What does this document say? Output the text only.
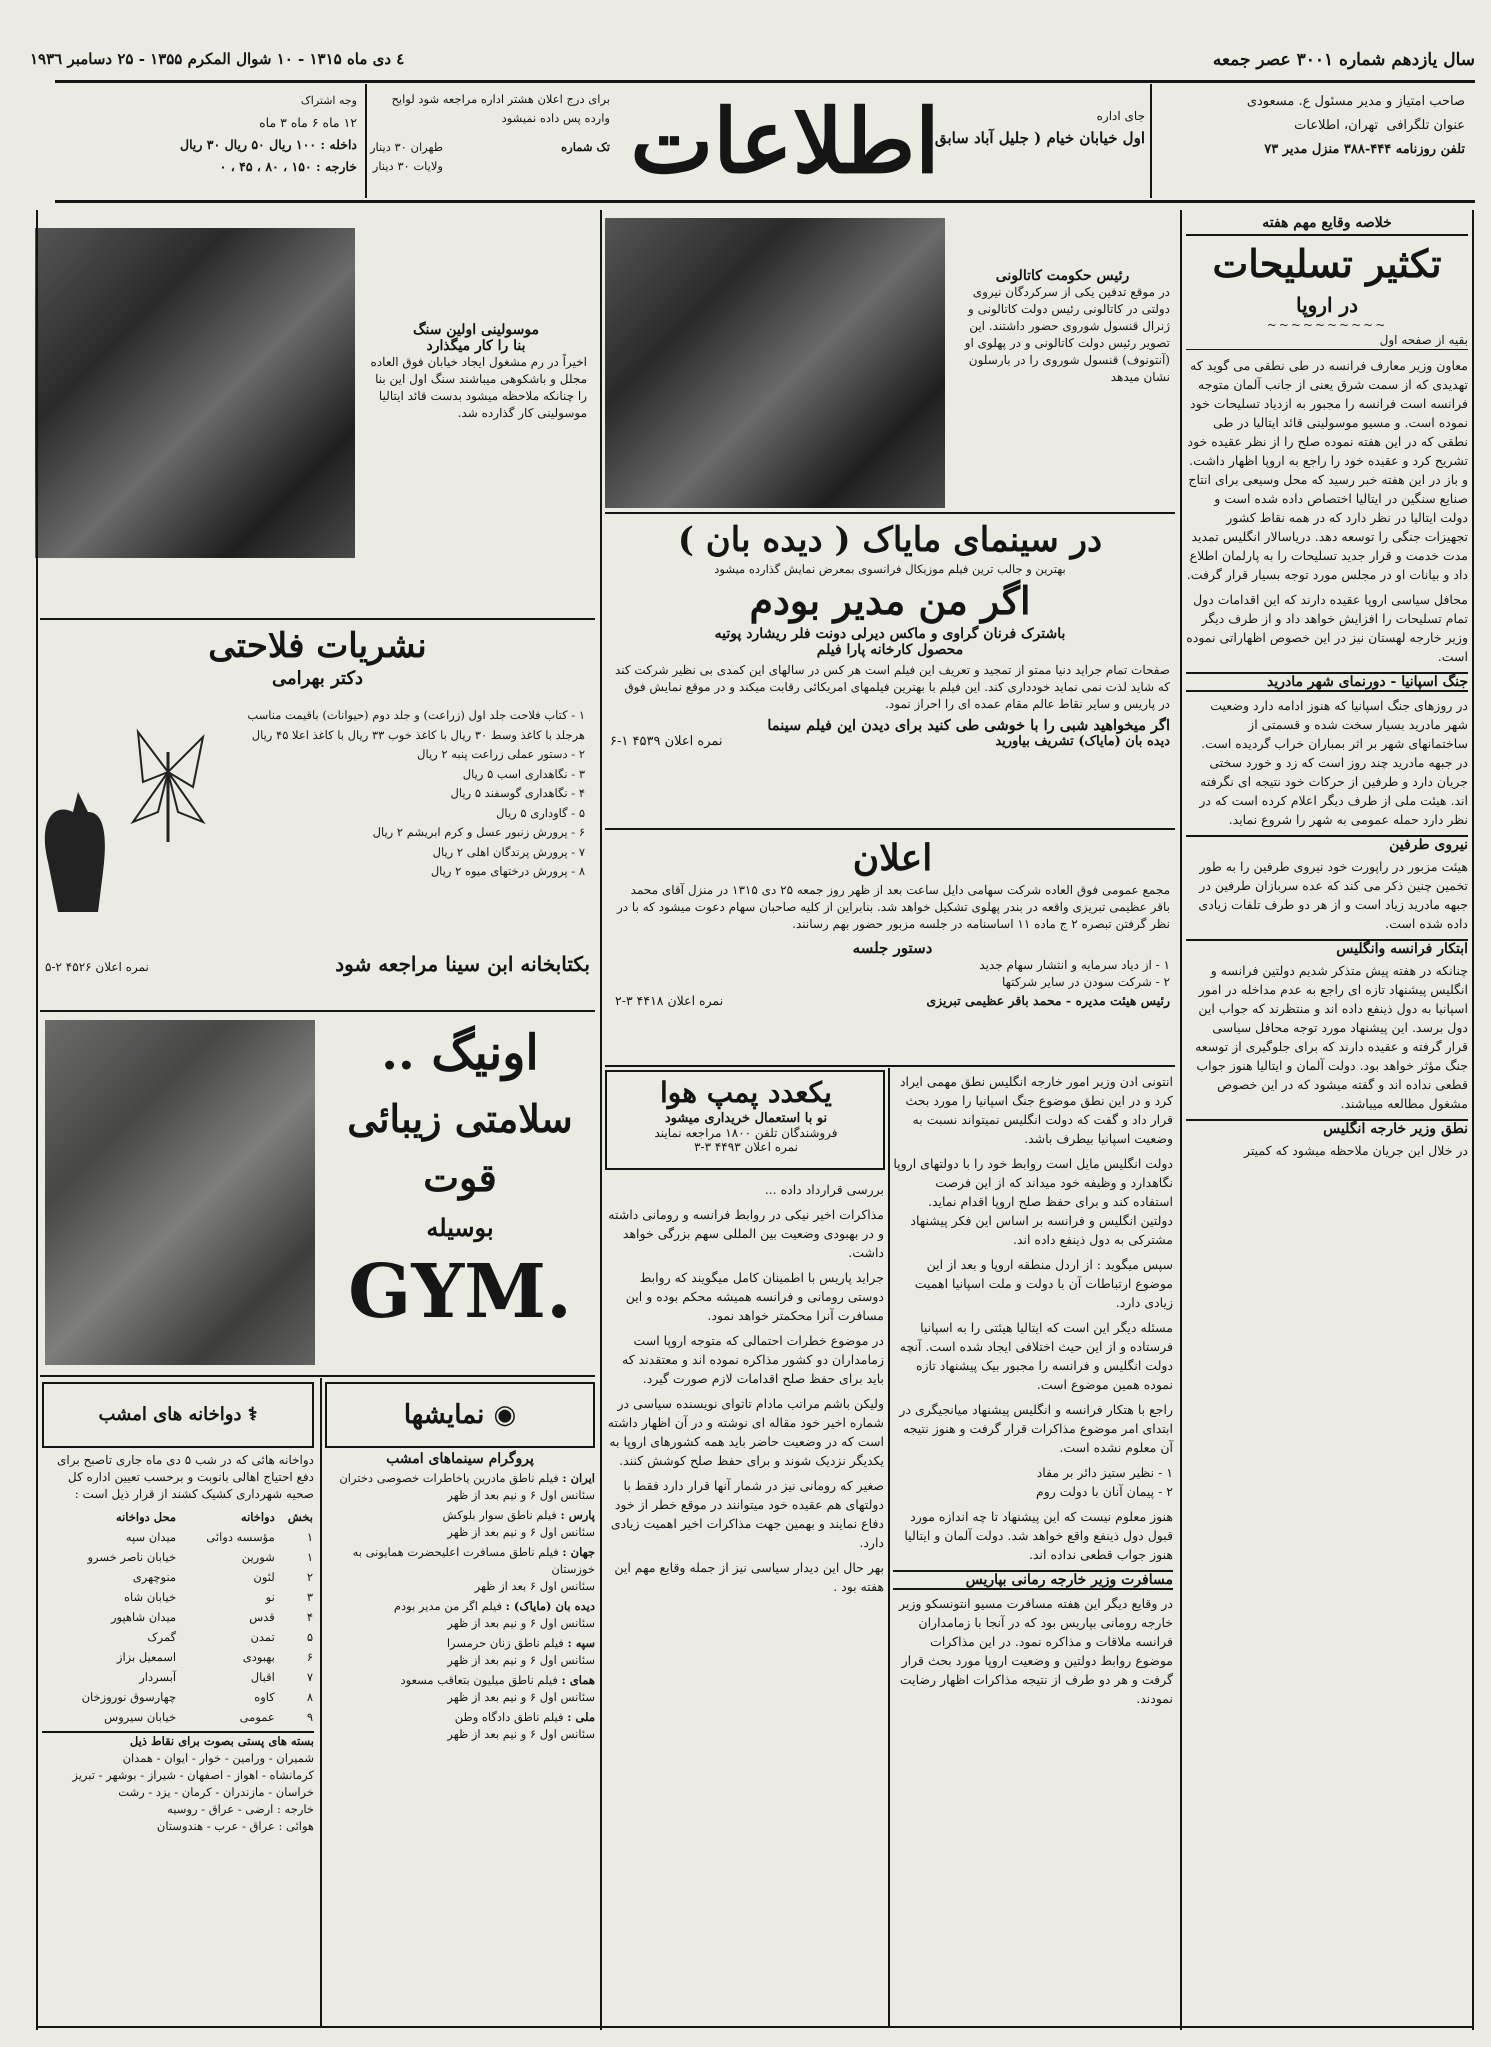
سال یازدهم شماره ۳۰۰۱ عصر جمعه
٤ دی ماه ۱۳۱۵ - ۱۰ شوال المکرم ۱۳۵۵ - ۲۵ دسامبر ۱۹۳٦
صاحب امتیاز و مدیر مسئول ع. مسعودی
عنوان تلگرافی  تهران، اطلاعات
تلفن روزنامه ۴۴۴-۳۸۸ منزل مدیر ۷۳
اطلاعات	جای اداره
اول خیابان خیام ( جلیل آباد سابق )
برای درج اعلان هشتر اداره مراجعه شود لوایح وارده پس داده نمیشود
تک شماره
طهران ۳۰ دینار
ولایات ۳۰ دینار
وجه اشتراک
۱۲ ماه ۶ ماه ۳ ماه
داخله : ۱۰۰ ریال ۵۰ ریال ۳۰ ریال
خارجه : ۱۵۰ ، ۸۰ ، ۴۵ ، ۰
خلاصه وقایع مهم هفته
تکثیر تسلیحات
در اروپا
~~~~~~~~~~
بقیه از صفحه اول

معاون وزیر معارف فرانسه در طی نطقی می گوید که تهدیدی که از سمت شرق یعنی از جانب آلمان متوجه فرانسه است فرانسه را مجبور به ازدیاد تسلیحات خود نموده است. و مسیو موسولینی قائد ایتالیا در طی نطقی که در این هفته نموده صلح را از نظر عقیده خود تشریح کرد و عقیده خود را راجع به اروپا اظهار داشت. و باز در این هفته خبر رسید که محل وسیعی برای انتاج صنایع سنگین در ایتالیا اختصاص داده شده است و دولت ایتالیا در نظر دارد که در همه نقاط کشور تجهیزات جنگی را توسعه دهد. دریاسالار انگلیس تمدید مدت خدمت و قرار جدید تسلیحات را به پارلمان اطلاع داد و بیانات او در مجلس مورد توجه بسیار قرار گرفت.

محافل سیاسی اروپا عقیده دارند که این اقدامات دول تمام تسلیحات را افزایش خواهد داد و از طرف دیگر وزیر خارجه لهستان نیز در این خصوص اظهاراتی نموده است.

جنگ اسپانیا - دورنمای شهر مادرید

در روزهای جنگ اسپانیا که هنوز ادامه دارد وضعیت شهر مادرید بسیار سخت شده و قسمتی از ساختمانهای شهر بر اثر بمباران خراب گردیده است. در جبهه مادرید چند روز است که زد و خورد سختی جریان دارد و طرفین از حرکات خود نتیجه ای نگرفته اند. هیئت ملی از طرف دیگر اعلام کرده است که در نظر دارد حمله عمومی به شهر را شروع نماید.

نیروی طرفین

هیئت مزبور در راپورت خود نیروی طرفین را به طور تخمین چنین ذکر می کند که عده سربازان طرفین در جبهه مادرید زیاد است و از هر دو طرف تلفات زیادی داده شده است.

ابتکار فرانسه وانگلیس

چنانکه در هفته پیش متذکر شدیم دولتین فرانسه و انگلیس پیشنهاد تازه ای راجع به عدم مداخله در امور اسپانیا به دول ذینفع داده اند و منتظرند که جواب این دول برسد. این پیشنهاد مورد توجه محافل سیاسی قرار گرفته و عقیده دارند که برای جلوگیری از توسعه جنگ مؤثر خواهد بود. دولت آلمان و ایتالیا هنوز جواب قطعی نداده اند و گفته میشود که در این خصوص مشغول مطالعه میباشند.

نطق وزیر خارجه انگلیس

در خلال این جریان ملاحظه میشود که کمیتر

رئیس حکومت کاتالونی
در موقع تدفین یکی از سرکردگان نیروی دولتی در کاتالونی رئیس دولت کاتالونی و ژنرال قنسول شوروی حضور داشتند. این تصویر رئیس دولت کاتالونی و در پهلوی او (آنتونوف) قنسول شوروی را در بارسلون نشان میدهد
در سینمای مایاک ( دیده بان )
بهترین و جالب ترین فیلم موزیکال فرانسوی بمعرض نمایش گذارده میشود
اگر من مدیر بودم
باشترک فرنان گراوی و ماکس دیرلی دونت فلر ریشارد پوتیه
محصول کارخانه پارا فیلم
صفحات تمام جراید دنیا ممتو از تمجید و تعریف این فیلم است هر کس در سالهای این کمدی بی نظیر شرکت کند که شاید لذت نمی نماید خودداری کند. این فیلم با بهترین فیلمهای امریکائی رقابت میکند و در موقع نمایش فوق در پاریس و سایر نقاط عالم مقام عمده ای را احراز نمود.
اگر میخواهید شبی را با خوشی طی کنید برای دیدن این فیلم سینما
دیده بان (مایاک) تشریف بیاورید
نمره اعلان ۴۵۳۹ ۱-۶
اعلان
مجمع عمومی فوق العاده شرکت سهامی دایل ساعت بعد از ظهر روز جمعه ۲۵ دی ۱۳۱۵ در منزل آقای محمد باقر عظیمی تبریزی واقعه در بندر پهلوی تشکیل خواهد شد. بنابراین از کلیه صاحبان سهام دعوت میشود که با در نظر گرفتن تبصره ۲ ج ماده ۱۱ اساسنامه در جلسه مزبور حضور بهم رسانند.
دستور جلسه
۱ - از دیاد سرمایه و انتشار سهام جدید
۲ - شرکت سودن در سایر شرکتها
رئیس هیئت مدیره - محمد باقر عظیمی تبریزی
نمره اعلان ۴۴۱۸ ۳-۲
یکعدد پمپ هوا
نو با استعمال خریداری میشود
فروشندگان تلفن ۱۸۰۰ مراجعه نمایند
نمره اعلان ۴۴۹۳ ۳-۳

انتونی ادن وزیر امور خارجه انگلیس نطق مهمی ایراد کرد و در این نطق موضوع جنگ اسپانیا را مورد بحث قرار داد و گفت که دولت انگلیس نمیتواند نسبت به وضعیت اسپانیا بیطرف باشد.

دولت انگلیس مایل است روابط خود را با دولتهای اروپا نگاهدارد و وظیفه خود میداند که از این فرصت استفاده کند و برای حفظ صلح اروپا اقدام نماید. دولتین انگلیس و فرانسه بر اساس این فکر پیشنهاد مشترکی به دول ذینفع داده اند.

سپس میگوید : از اردل منطقه اروپا و بعد از این موضوع ارتباطات آن با دولت و ملت اسپانیا اهمیت زیادی دارد.

مسئله دیگر این است که ایتالیا هیئتی را به اسپانیا فرستاده و از این حیث اختلافی ایجاد شده است. آنچه دولت انگلیس و فرانسه را مجبور بیک پیشنهاد تازه نموده همین موضوع است.

راجع با هتکار فرانسه و انگلیس پیشنهاد میانجیگری در ابتدای امر موضوع مذاکرات قرار گرفت و هنوز نتیجه آن معلوم نشده است.

۱ - نظیر ستیز دائر بر مفاد

۲ - پیمان آنان با دولت روم

هنوز معلوم نیست که این پیشنهاد تا چه اندازه مورد قبول دول ذینفع واقع خواهد شد. دولت آلمان و ایتالیا هنوز جواب قطعی نداده اند.

مسافرت وزیر خارجه رمانی بپاریس

در وقایع دیگر این هفته مسافرت مسیو انتونسکو وزیر خارجه رومانی بپاریس بود که در آنجا با زمامداران فرانسه ملاقات و مذاکره نمود. در این مذاکرات موضوع روابط دولتین و وضعیت اروپا مورد بحث قرار گرفت و هر دو طرف از نتیجه مذاکرات اظهار رضایت نمودند.

بررسی قرارداد داده ...

مذاکرات اخیر نیکی در روابط فرانسه و رومانی داشته و در بهبودی وضعیت بین المللی سهم بزرگی خواهد داشت.

جراید پاریس با اطمینان کامل میگویند که روابط دوستی رومانی و فرانسه همیشه محکم بوده و این مسافرت آنرا محکمتر خواهد نمود.

در موضوع خطرات احتمالی که متوجه اروپا است زمامداران دو کشور مذاکره نموده اند و معتقدند که باید برای حفظ صلح اقدامات لازم صورت گیرد.

ولیکن باشم مراتب مادام تاتوای نویسنده سیاسی در شماره اخیر خود مقاله ای نوشته و در آن اظهار داشته است که در وضعیت حاضر باید همه کشورهای اروپا به یکدیگر نزدیک شوند و برای حفظ صلح کوشش کنند.

صغیر که رومانی نیز در شمار آنها قرار دارد فقط با دولتهای هم عقیده خود میتوانند در موقع خطر از خود دفاع نمایند و بهمین جهت مذاکرات اخیر اهمیت زیادی دارد.

بهر حال این دیدار سیاسی نیز از جمله وقایع مهم این هفته بود .

موسولینی اولین سنگ
بنا را کار میگذارد
اخیراً در رم مشغول ایجاد خیابان فوق العاده مجلل و باشکوهی میباشند سنگ اول این بنا را چنانکه ملاحظه میشود بدست قائد ایتالیا موسولینی کار گذارده شد.
نشریات فلاحتی
دکتر بهرامی
۱ - کتاب فلاحت جلد اول (زراعت) و جلد دوم (حیوانات) باقیمت مناسب هرجلد با کاغذ وسط ۳۰ ریال با کاغذ خوب ۳۳ ریال با کاغذ اعلا ۴۵ ریال
۲ - دستور عملی زراعت پنبه ۲ ریال
۳ - نگاهداری اسب ۵ ریال
۴ - نگاهداری گوسفند ۵ ریال
۵ - گاوداری ۵ ریال
۶ - پرورش زنبور عسل و کرم ابریشم ۲ ریال
۷ - پرورش پرندگان اهلی ۲ ریال
۸ - پرورش درختهای میوه ۲ ریال
بکتابخانه ابن سینا مراجعه شود
نمره اعلان ۴۵۲۶ ۲-۵
اونیگ ..
سلامتی زیبائی
قوت
بوسیله
GYM.
◉ نمایشها
پروگرام سینماهای امشب
ایران : فیلم ناطق مادرین یاخاطرات خصوصی دختران
سئانس اول ۶ و نیم بعد از ظهر
پارس : فیلم ناطق سوار بلوکش
سئانس اول ۶ و نیم بعد از ظهر
جهان : فیلم ناطق مسافرت اعلیحضرت همایونی به خوزستان
سئانس اول ۶ بعد از ظهر
دیده بان (مایاک) : فیلم اگر من مدیر بودم
سئانس اول ۶ و نیم بعد از ظهر
سپه : فیلم ناطق زنان حرمسرا
سئانس اول ۶ و نیم بعد از ظهر
همای : فیلم ناطق میلیون بتعاقب مسعود
سئانس اول ۶ و نیم بعد از ظهر
ملی : فیلم ناطق دادگاه وطن
سئانس اول ۶ و نیم بعد از ظهر
⚕ دواخانه های امشب
دواخانه هائی که در شب ۵ دی ماه جاری تاصبح برای دفع احتیاج اهالی بانوبت و برحسب تعیین اداره کل صحیه شهرداری کشیک کشند از قرار ذیل است :
بخش	دواخانه	محل دواخانه
۱	مؤسسه دوائی	میدان سپه
۱	شورین	خیابان ناصر خسرو
۲	لئون	منوچهری
۳	نو	خیابان شاه
۴	قدس	میدان شاهپور
۵	تمدن	گمرک
۶	بهبودی	اسمعیل بزاز
۷	اقبال	آبسردار
۸	کاوه	چهارسوق نوروزخان
۹	عمومی	خیابان سیروس
بسته های پستی بصوت برای نقاط ذیل
شمیران - ورامین - خوار - ایوان - همدان
کرمانشاه - اهواز - اصفهان - شیراز - بوشهر - تبریز
خراسان - مازندران - کرمان - یزد - رشت
خارجه : ارضی - عراق - روسیه
هوائی : عراق - عرب - هندوستان
